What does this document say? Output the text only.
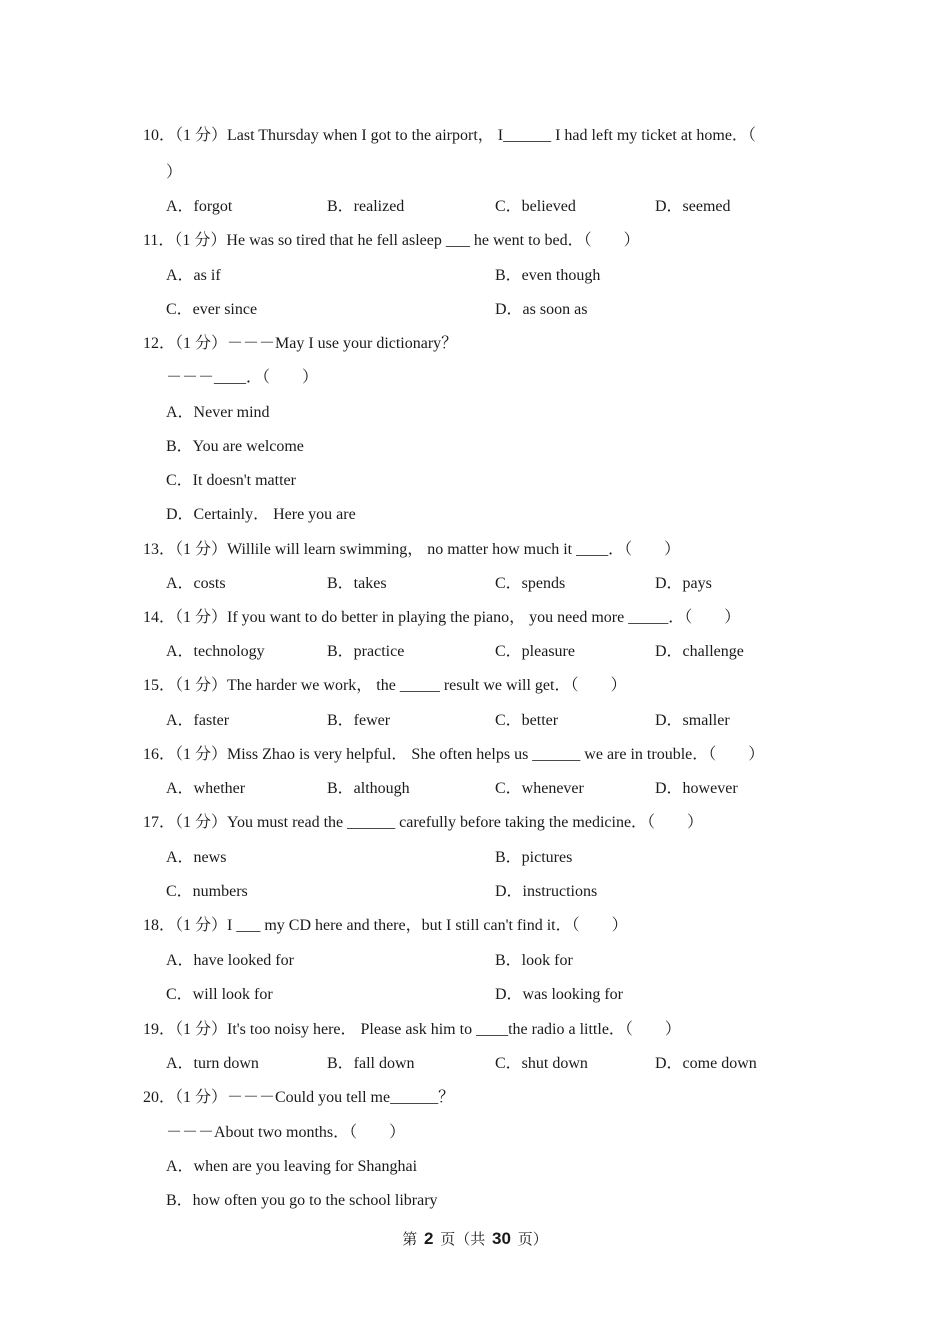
10．（1 分）Last Thursday when I got to the airport， I______ I had left my ticket at home．（
）
A．forgot	B．realized	C．believed	D．seemed
11．（1 分）He was so tired that he fell asleep ___ he went to bed．（　　）
A．as if	B．even though
C．ever since	D．as soon as
12．（1 分）－－－May I use your dictionary？
－－－____．（　　）
A．Never mind
B．You are welcome
C．It doesn't matter
D．Certainly． Here you are
13．（1 分）Willile will learn swimming， no matter how much it ____．（　　）
A．costs	B．takes	C．spends	D．pays
14．（1 分）If you want to do better in playing the piano， you need more _____．（　　）
A．technology	B．practice	C．pleasure	D．challenge
15．（1 分）The harder we work， the _____ result we will get．（　　）
A．faster	B．fewer	C．better	D．smaller
16．（1 分）Miss Zhao is very helpful． She often helps us ______ we are in trouble．（　　）
A．whether	B．although	C．whenever	D．however
17．（1 分）You must read the ______ carefully before taking the medicine．（　　）
A．news	B．pictures
C．numbers	D．instructions
18．（1 分）I ___ my CD here and there，but I still can't find it．（　　）
A．have looked for	B．look for
C．will look for	D．was looking for
19．（1 分）It's too noisy here． Please ask him to ____the radio a little．（　　）
A．turn down	B．fall down	C．shut down	D．come down
20．（1 分）－－－Could you tell me______？
－－－About two months．（　　）
A．when are you leaving for Shanghai
B．how often you go to the school library
第 2 页（共 30 页）
